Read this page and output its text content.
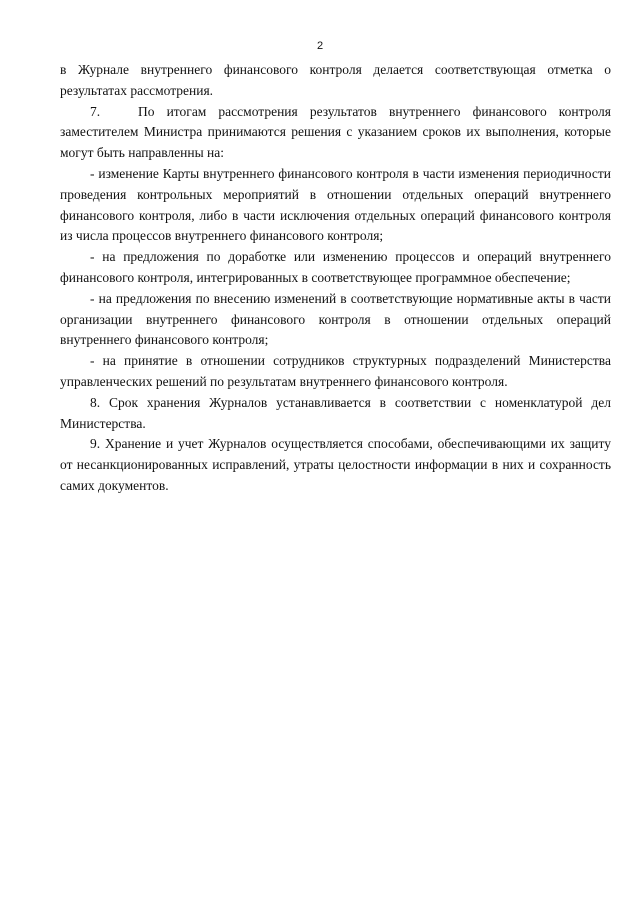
2

в Журнале внутреннего финансового контроля делается соответствующая отметка о результатах рассмотрения.

7.	По итогам рассмотрения результатов внутреннего финансового контроля заместителем Министра принимаются решения с указанием сроков их выполнения, которые могут быть направленны на:

- изменение Карты внутреннего финансового контроля в части изменения периодичности проведения контрольных мероприятий в отношении отдельных операций внутреннего финансового контроля, либо в части исключения отдельных операций финансового контроля из числа процессов внутреннего финансового контроля;

- на предложения по доработке или изменению процессов и операций внутреннего финансового контроля, интегрированных в соответствующее программное обеспечение;

- на предложения по внесению изменений в соответствующие нормативные акты в части организации внутреннего финансового контроля в отношении отдельных операций внутреннего финансового контроля;

- на принятие в отношении сотрудников структурных подразделений Министерства управленческих решений по результатам внутреннего финансового контроля.

8. Срок хранения Журналов устанавливается в соответствии с номенклатурой дел Министерства.

9. Хранение и учет Журналов осуществляется способами, обеспечивающими их защиту от несанкционированных исправлений, утраты целостности информации в них и сохранность самих документов.
